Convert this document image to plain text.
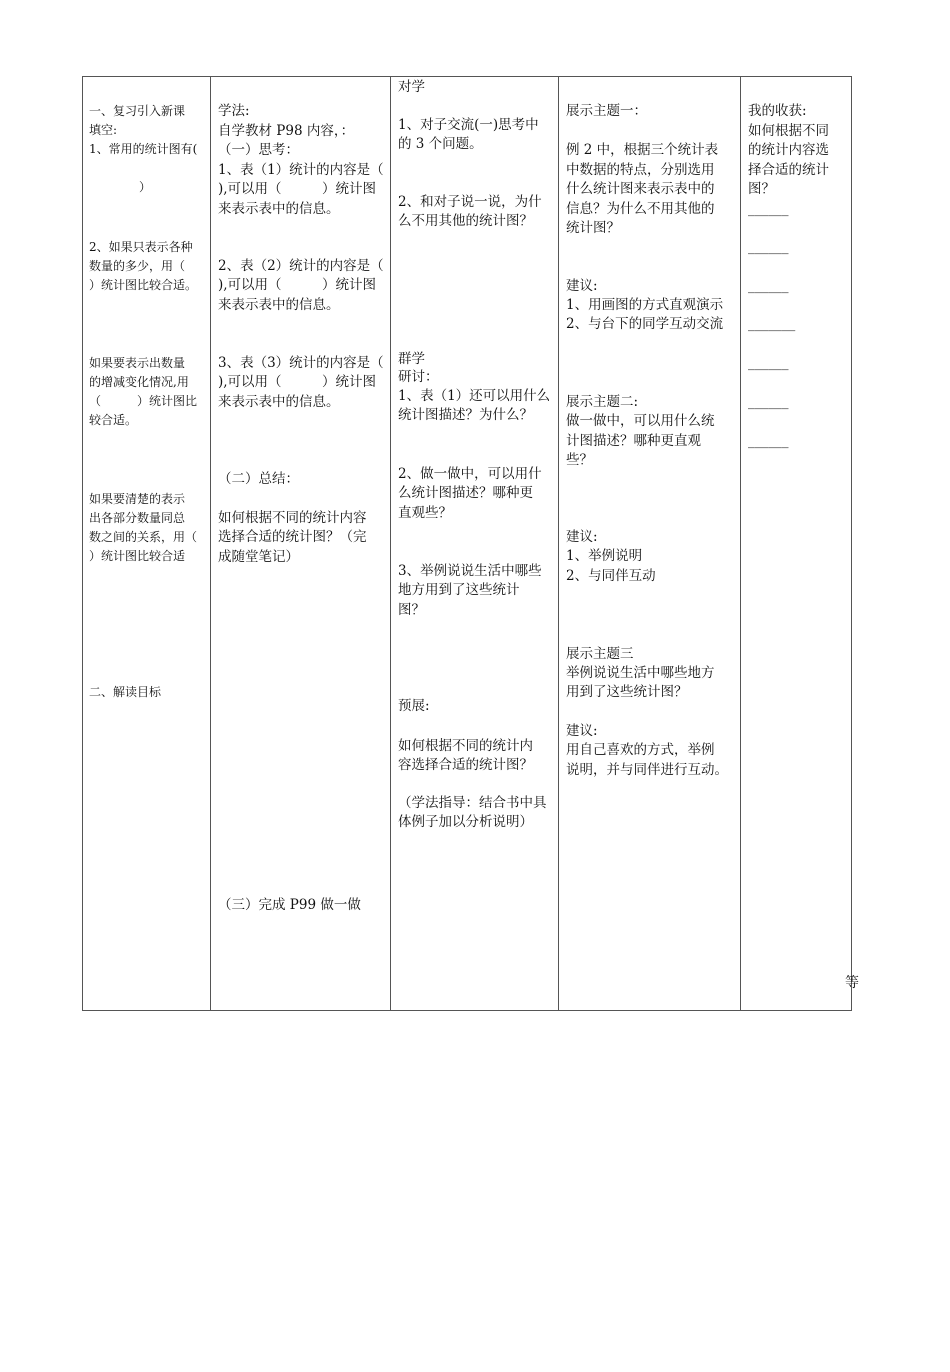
一、复习引入新课
填空:
1、常用的统计图有(
）
2、如果只表示各种
数量的多少，用（
）统计图比较合适。
如果要表示出数量
的增减变化情况,用
（　　　）统计图比
较合适。
如果要清楚的表示
出各部分数量同总
数之间的关系，用（
）统计图比较合适
二、解读目标
学法:
自学教材 P98 内容，：
（一）思考：
1、表（1）统计的内容是（
),可以用（　　　）统计图
来表示表中的信息。
2、表（2）统计的内容是（
),可以用（　　　）统计图
来表示表中的信息。
3、表（3）统计的内容是（
),可以用（　　　）统计图
来表示表中的信息。
（二）总结：
如何根据不同的统计内容
选择合适的统计图？（完
成随堂笔记）
（三）完成 P99 做一做
对学
1、对子交流(一)思考中
的 3 个问题。
2、和对子说一说，为什
么不用其他的统计图？
群学
研讨：
1、表（1）还可以用什么
统计图描述？为什么？
2、做一做中，可以用什
么统计图描述？哪种更
直观些？
3、举例说说生活中哪些
地方用到了这些统计
图？
预展:
如何根据不同的统计内
容选择合适的统计图？
（学法指导：结合书中具
体例子加以分析说明）
展示主题一：
例 2 中，根据三个统计表
中数据的特点，分别选用
什么统计图来表示表中的
信息？为什么不用其他的
统计图？
建议:
1、用画图的方式直观演示
2、与台下的同学互动交流
展示主题二:
做一做中，可以用什么统
计图描述？哪种更直观
些？
建议:
1、举例说明
2、与同伴互动
展示主题三
举例说说生活中哪些地方
用到了这些统计图？
建议:
用自己喜欢的方式，举例
说明，并与同伴进行互动。
我的收获:
如何根据不同
的统计内容选
择合适的统计
图？
______
______
______
_______
______
______
______
等
